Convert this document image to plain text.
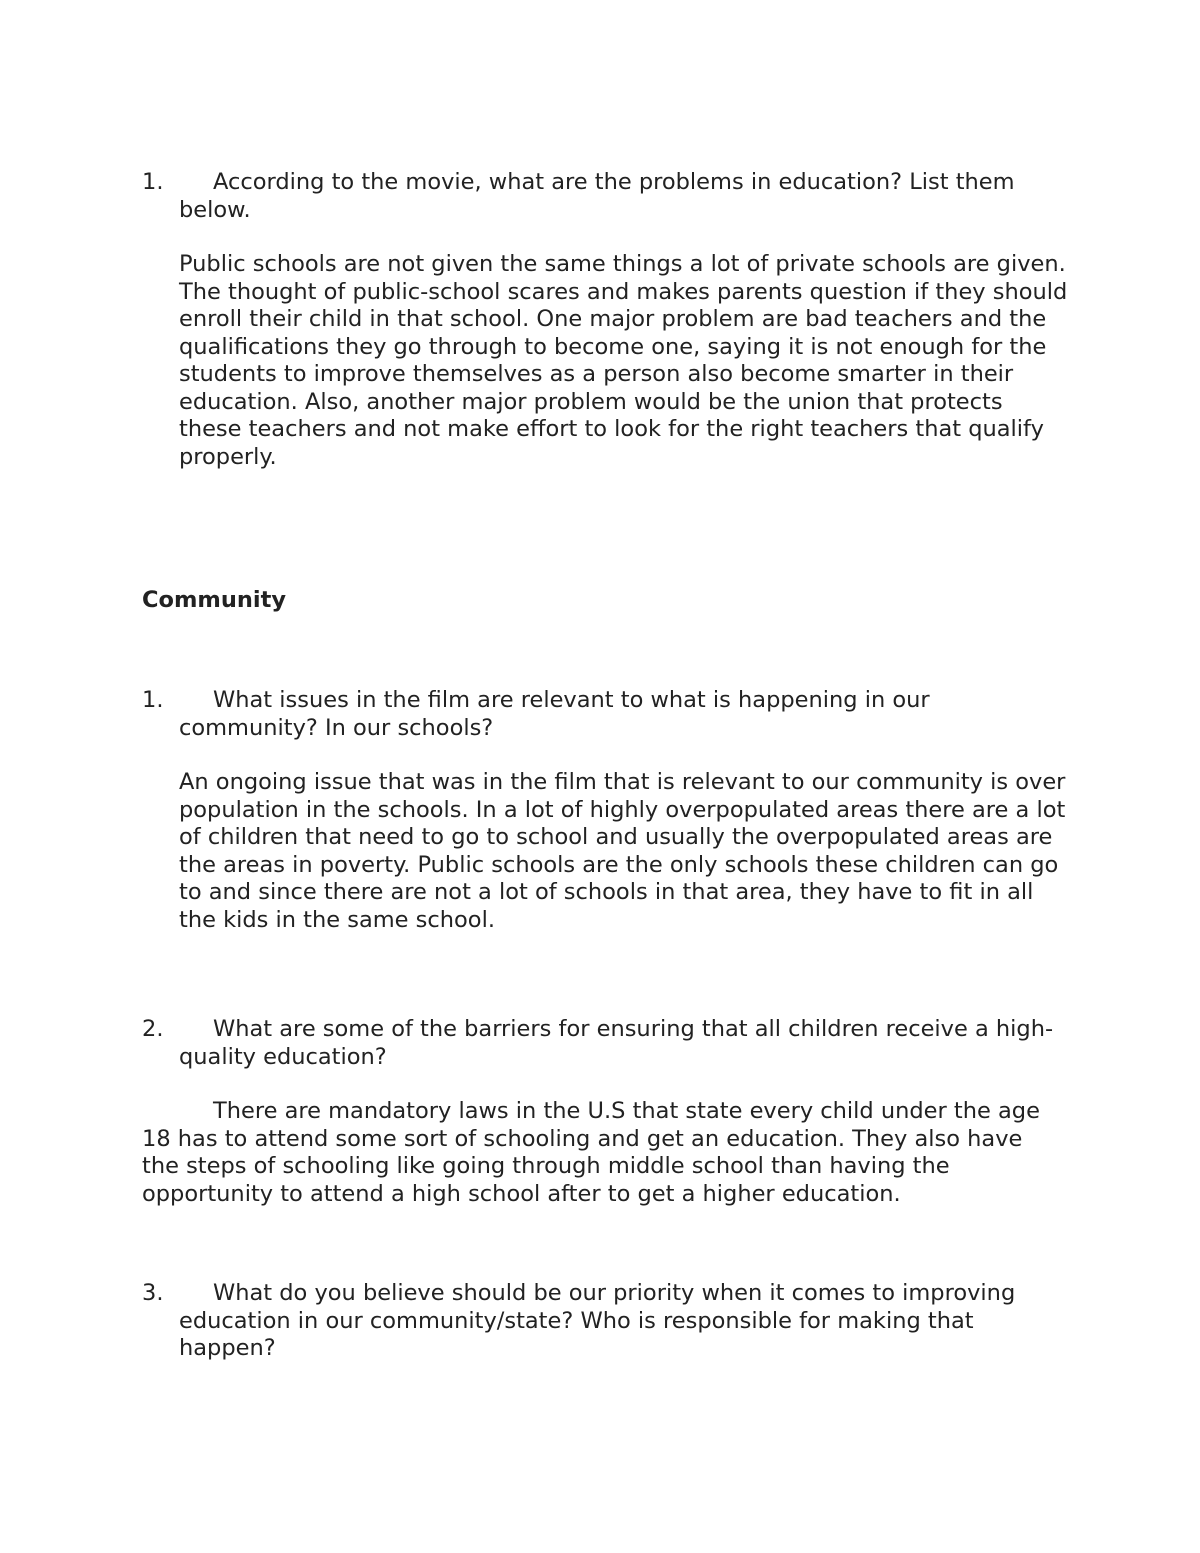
1.	According to the movie, what are the problems in education? List them below.

Public schools are not given the same things a lot of private schools are given. The thought of public-school scares and makes parents question if they should enroll their child in that school. One major problem are bad teachers and the qualifications they go through to become one, saying it is not enough for the students to improve themselves as a person also become smarter in their education. Also, another major problem would be the union that protects these teachers and not make effort to look for the right teachers that qualify properly.

Community
1.	What issues in the film are relevant to what is happening in our community? In our schools?

An ongoing issue that was in the film that is relevant to our community is over population in the schools. In a lot of highly overpopulated areas there are a lot of children that need to go to school and usually the overpopulated areas are the areas in poverty. Public schools are the only schools these children can go to and since there are not a lot of schools in that area, they have to fit in all the kids in the same school.

2.	What are some of the barriers for ensuring that all children receive a high-quality education?

There are mandatory laws in the U.S that state every child under the age 18 has to attend some sort of schooling and get an education. They also have the steps of schooling like going through middle school than having the opportunity to attend a high school after to get a higher education.

3.	What do you believe should be our priority when it comes to improving education in our community/state? Who is responsible for making that happen?
